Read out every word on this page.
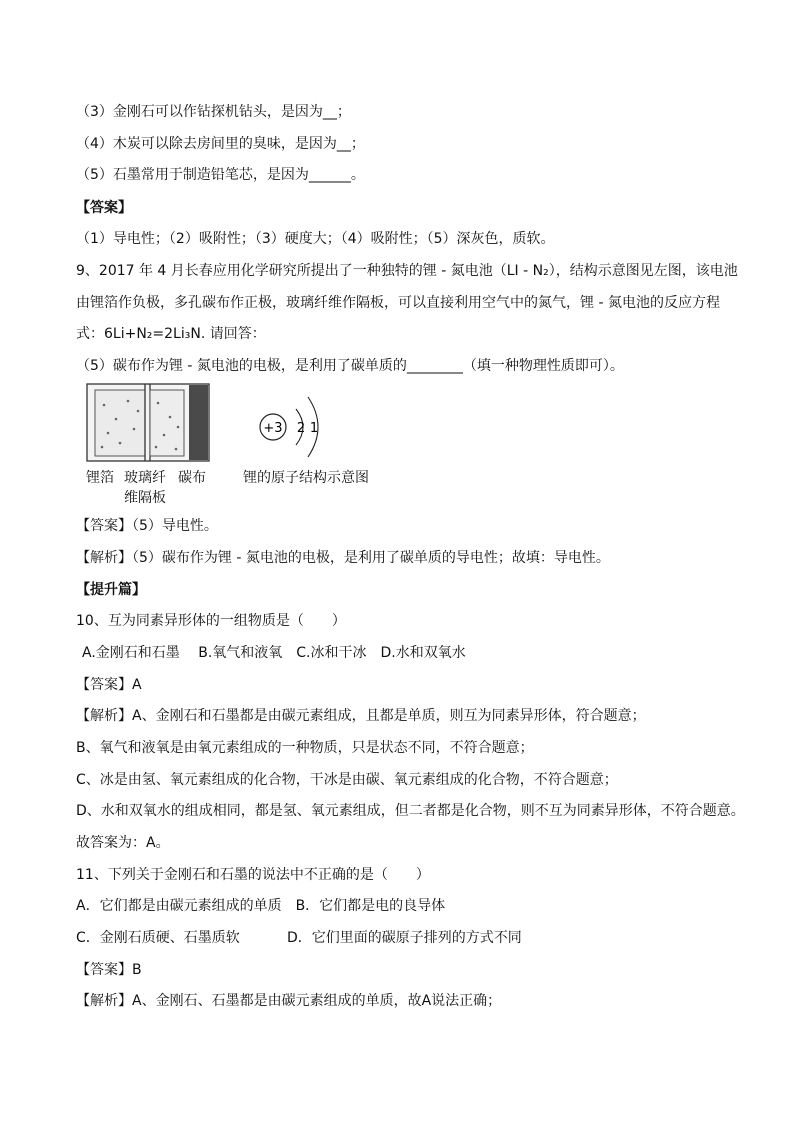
（3）金刚石可以作钻探机钻头，是因为__；
（4）木炭可以除去房间里的臭味，是因为__；
（5）石墨常用于制造铅笔芯，是因为______。
【答案】
（1）导电性；（2）吸附性；（3）硬度大；（4）吸附性；（5）深灰色，质软。
9、2017 年 4 月长春应用化学研究所提出了一种独特的锂 - 氮电池（LI - N₂），结构示意图见左图，该电池
由锂箔作负极，多孔碳布作正极，玻璃纤维作隔板，可以直接利用空气中的氮气，锂 - 氮电池的反应方程
式：6Li+N₂=2Li₃N. 请回答：
（5）碳布作为锂 - 氮电池的电极，是利用了碳单质的________（填一种物理性质即可）。
锂箔 玻璃纤
维隔板
碳布
+3 2 1
锂的原子结构示意图
【答案】（5）导电性。
【解析】（5）碳布作为锂 - 氮电池的电极，是利用了碳单质的导电性；故填：导电性。
【提升篇】
10、互为同素异形体的一组物质是（　　）
A.金刚石和石墨　 B.氧气和液氧　C.冰和干冰　D.水和双氧水
【答案】A
【解析】A、金刚石和石墨都是由碳元素组成，且都是单质，则互为同素异形体，符合题意；
B、氧气和液氧是由氧元素组成的一种物质，只是状态不同，不符合题意；
C、冰是由氢、氧元素组成的化合物，干冰是由碳、氧元素组成的化合物，不符合题意；
D、水和双氧水的组成相同，都是氢、氧元素组成，但二者都是化合物，则不互为同素异形体，不符合题意。
故答案为：A。
11、下列关于金刚石和石墨的说法中不正确的是（　　）
A．它们都是由碳元素组成的单质　B．它们都是电的良导体
C．金刚石质硬、石墨质软	D．它们里面的碳原子排列的方式不同
【答案】B
【解析】A、金刚石、石墨都是由碳元素组成的单质，故A说法正确；
